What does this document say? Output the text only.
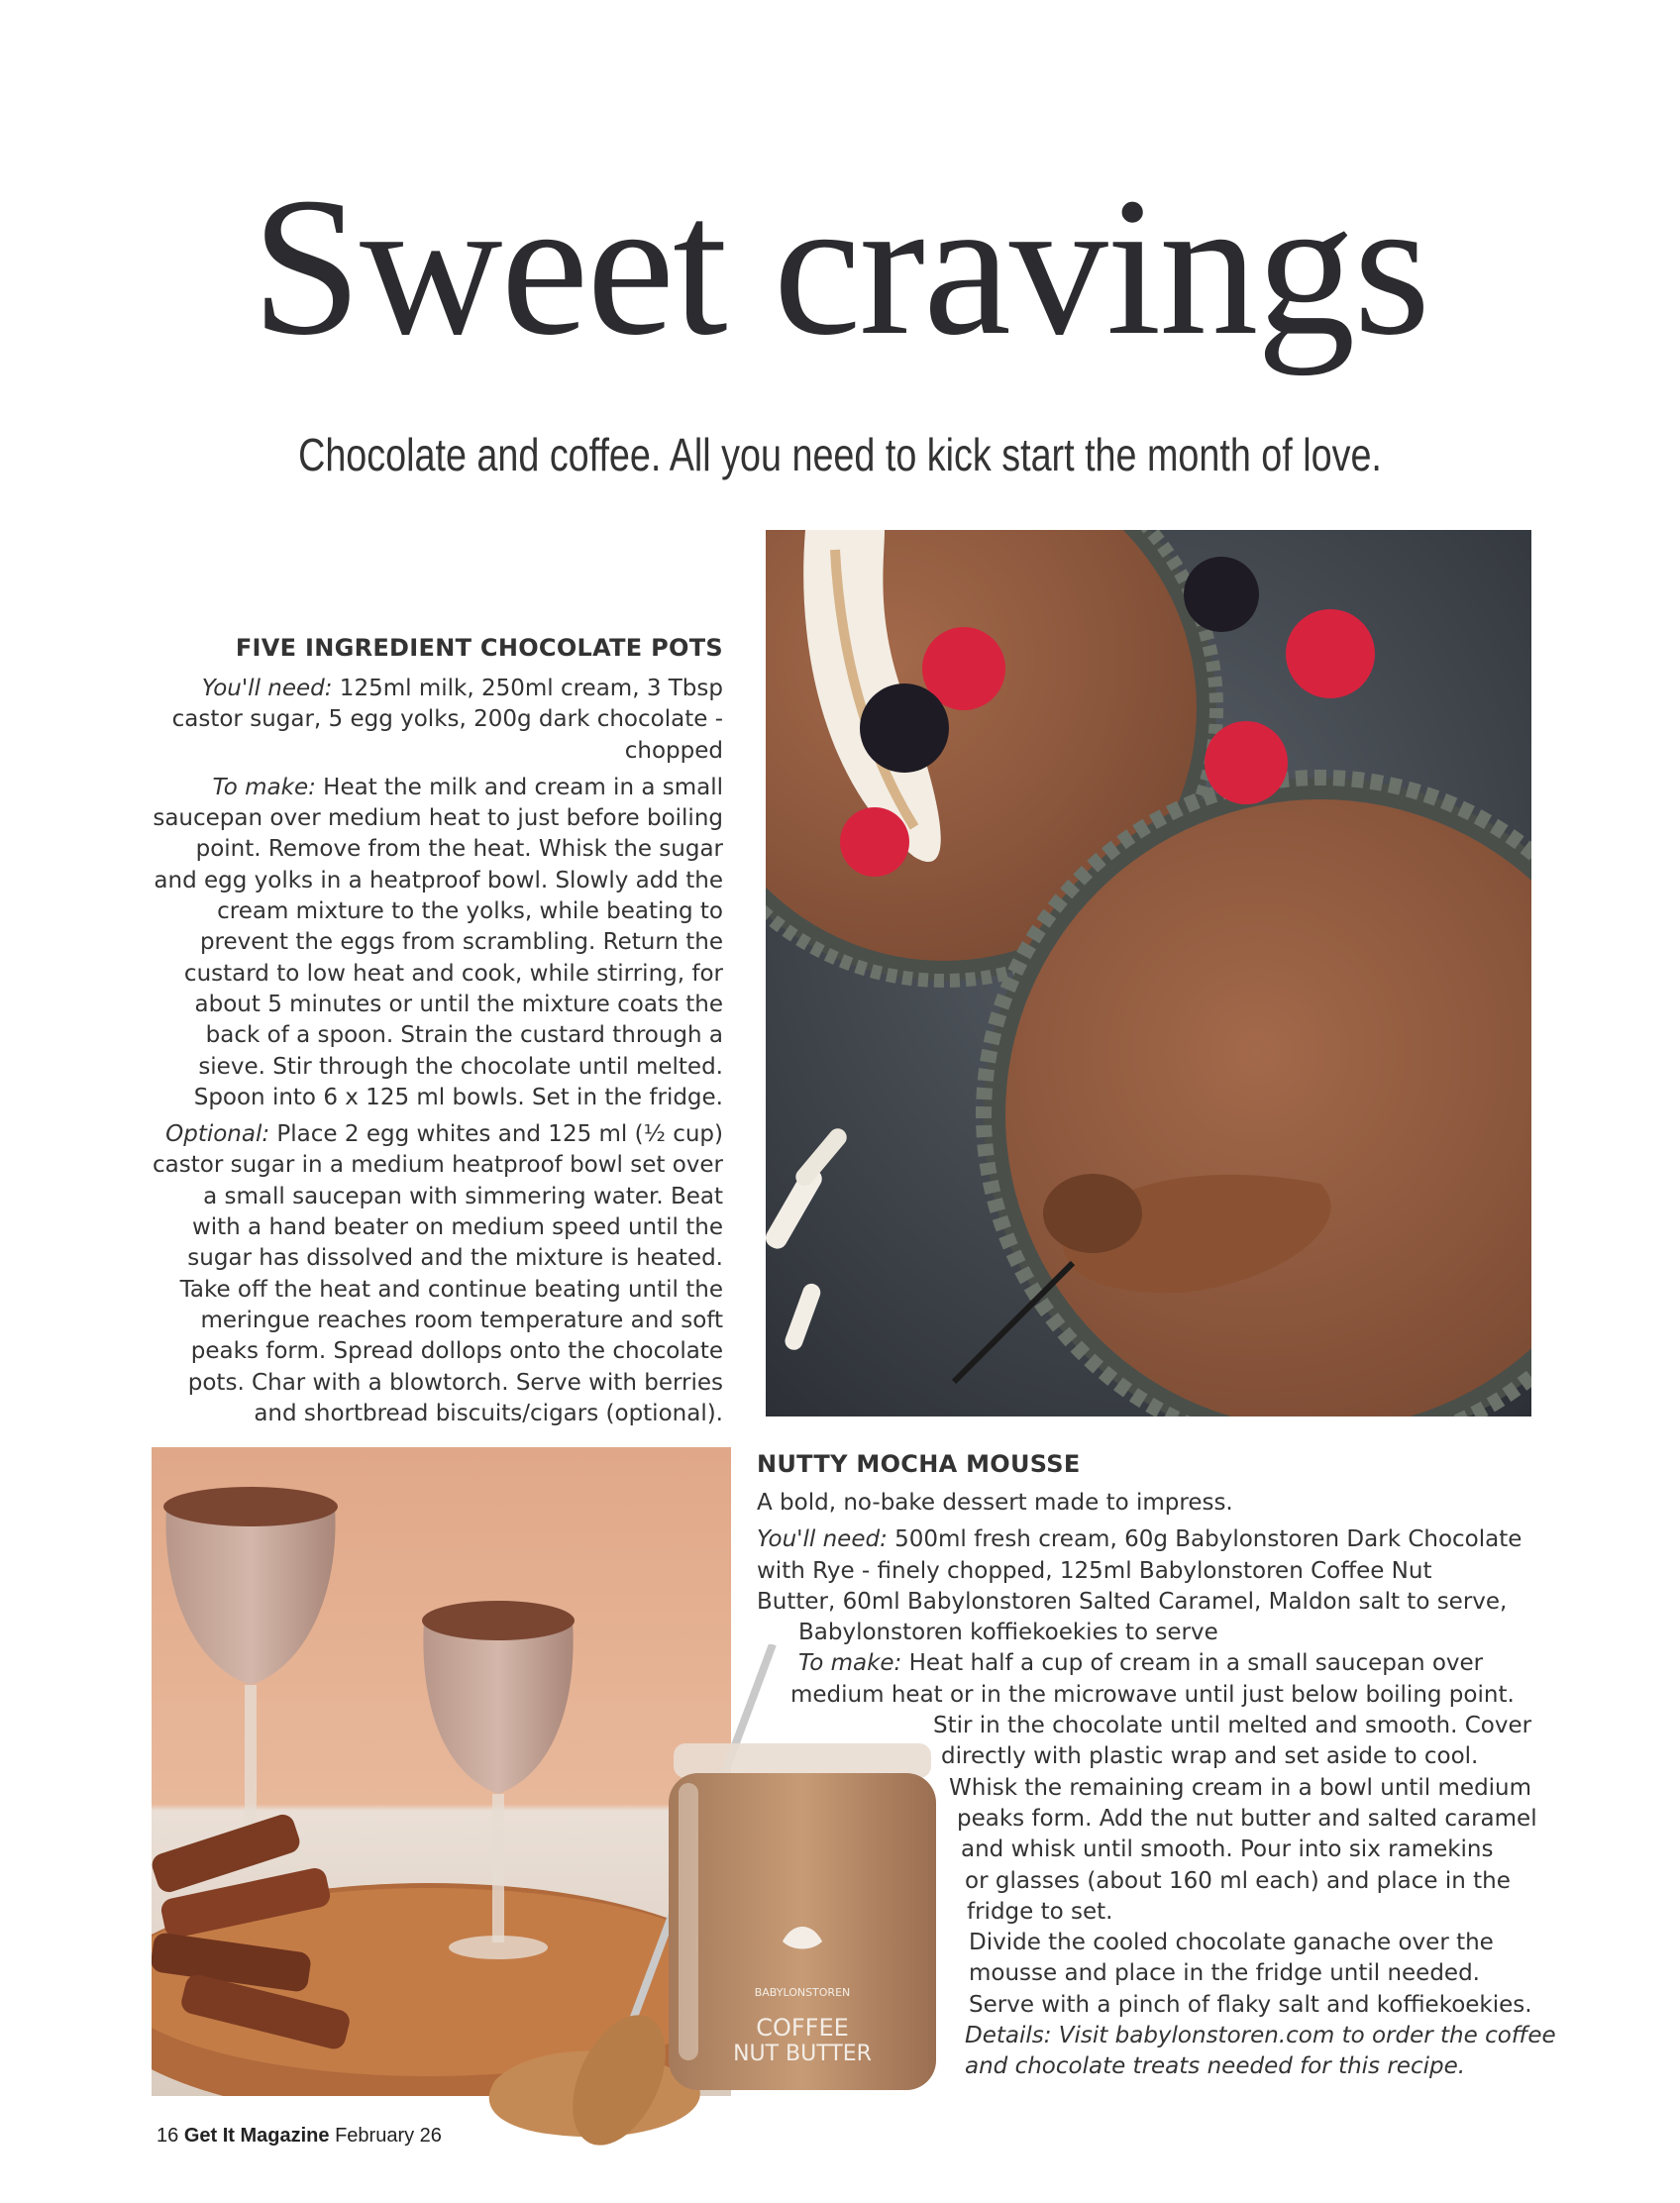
Sweet cravings
Chocolate and coffee. All you need to kick start the month of love.
BABYLONSTOREN
COFFEE
NUT BUTTER
FIVE INGREDIENT CHOCOLATE POTS

You'll need: 125ml milk, 250ml cream, 3 Tbsp castor sugar, 5 egg yolks, 200g dark chocolate - chopped

To make: Heat the milk and cream in a small saucepan over medium heat to just before boiling point. Remove from the heat. Whisk the sugar and egg yolks in a heatproof bowl. Slowly add the cream mixture to the yolks, while beating to prevent the eggs from scrambling. Return the custard to low heat and cook, while stirring, for about 5 minutes or until the mixture coats the back of a spoon. Strain the custard through a sieve. Stir through the chocolate until melted. Spoon into 6 x 125 ml bowls. Set in the fridge.

Optional: Place 2 egg whites and 125 ml (½ cup) castor sugar in a medium heatproof bowl set over a small saucepan with simmering water. Beat with a hand beater on medium speed until the sugar has dissolved and the mixture is heated. Take off the heat and continue beating until the meringue reaches room temperature and soft peaks form. Spread dollops onto the chocolate pots. Char with a blowtorch. Serve with berries and shortbread biscuits/cigars (optional).

NUTTY MOCHA MOUSSE
A bold, no-bake dessert made to impress.
You'll need: 500ml fresh cream, 60g Babylonstoren Dark Chocolate
with Rye - finely chopped, 125ml Babylonstoren Coffee Nut
Butter, 60ml Babylonstoren Salted Caramel, Maldon salt to serve,
Babylonstoren koffiekoekies to serve
To make: Heat half a cup of cream in a small saucepan over
medium heat or in the microwave until just below boiling point.
Stir in the chocolate until melted and smooth. Cover
directly with plastic wrap and set aside to cool.
Whisk the remaining cream in a bowl until medium
peaks form. Add the nut butter and salted caramel
and whisk until smooth. Pour into six ramekins
or glasses (about 160 ml each) and place in the
fridge to set.
Divide the cooled chocolate ganache over the
mousse and place in the fridge until needed.
Serve with a pinch of flaky salt and koffiekoekies.
Details: Visit babylonstoren.com to order the coffee
and chocolate treats needed for this recipe.
16 Get It Magazine February 26
